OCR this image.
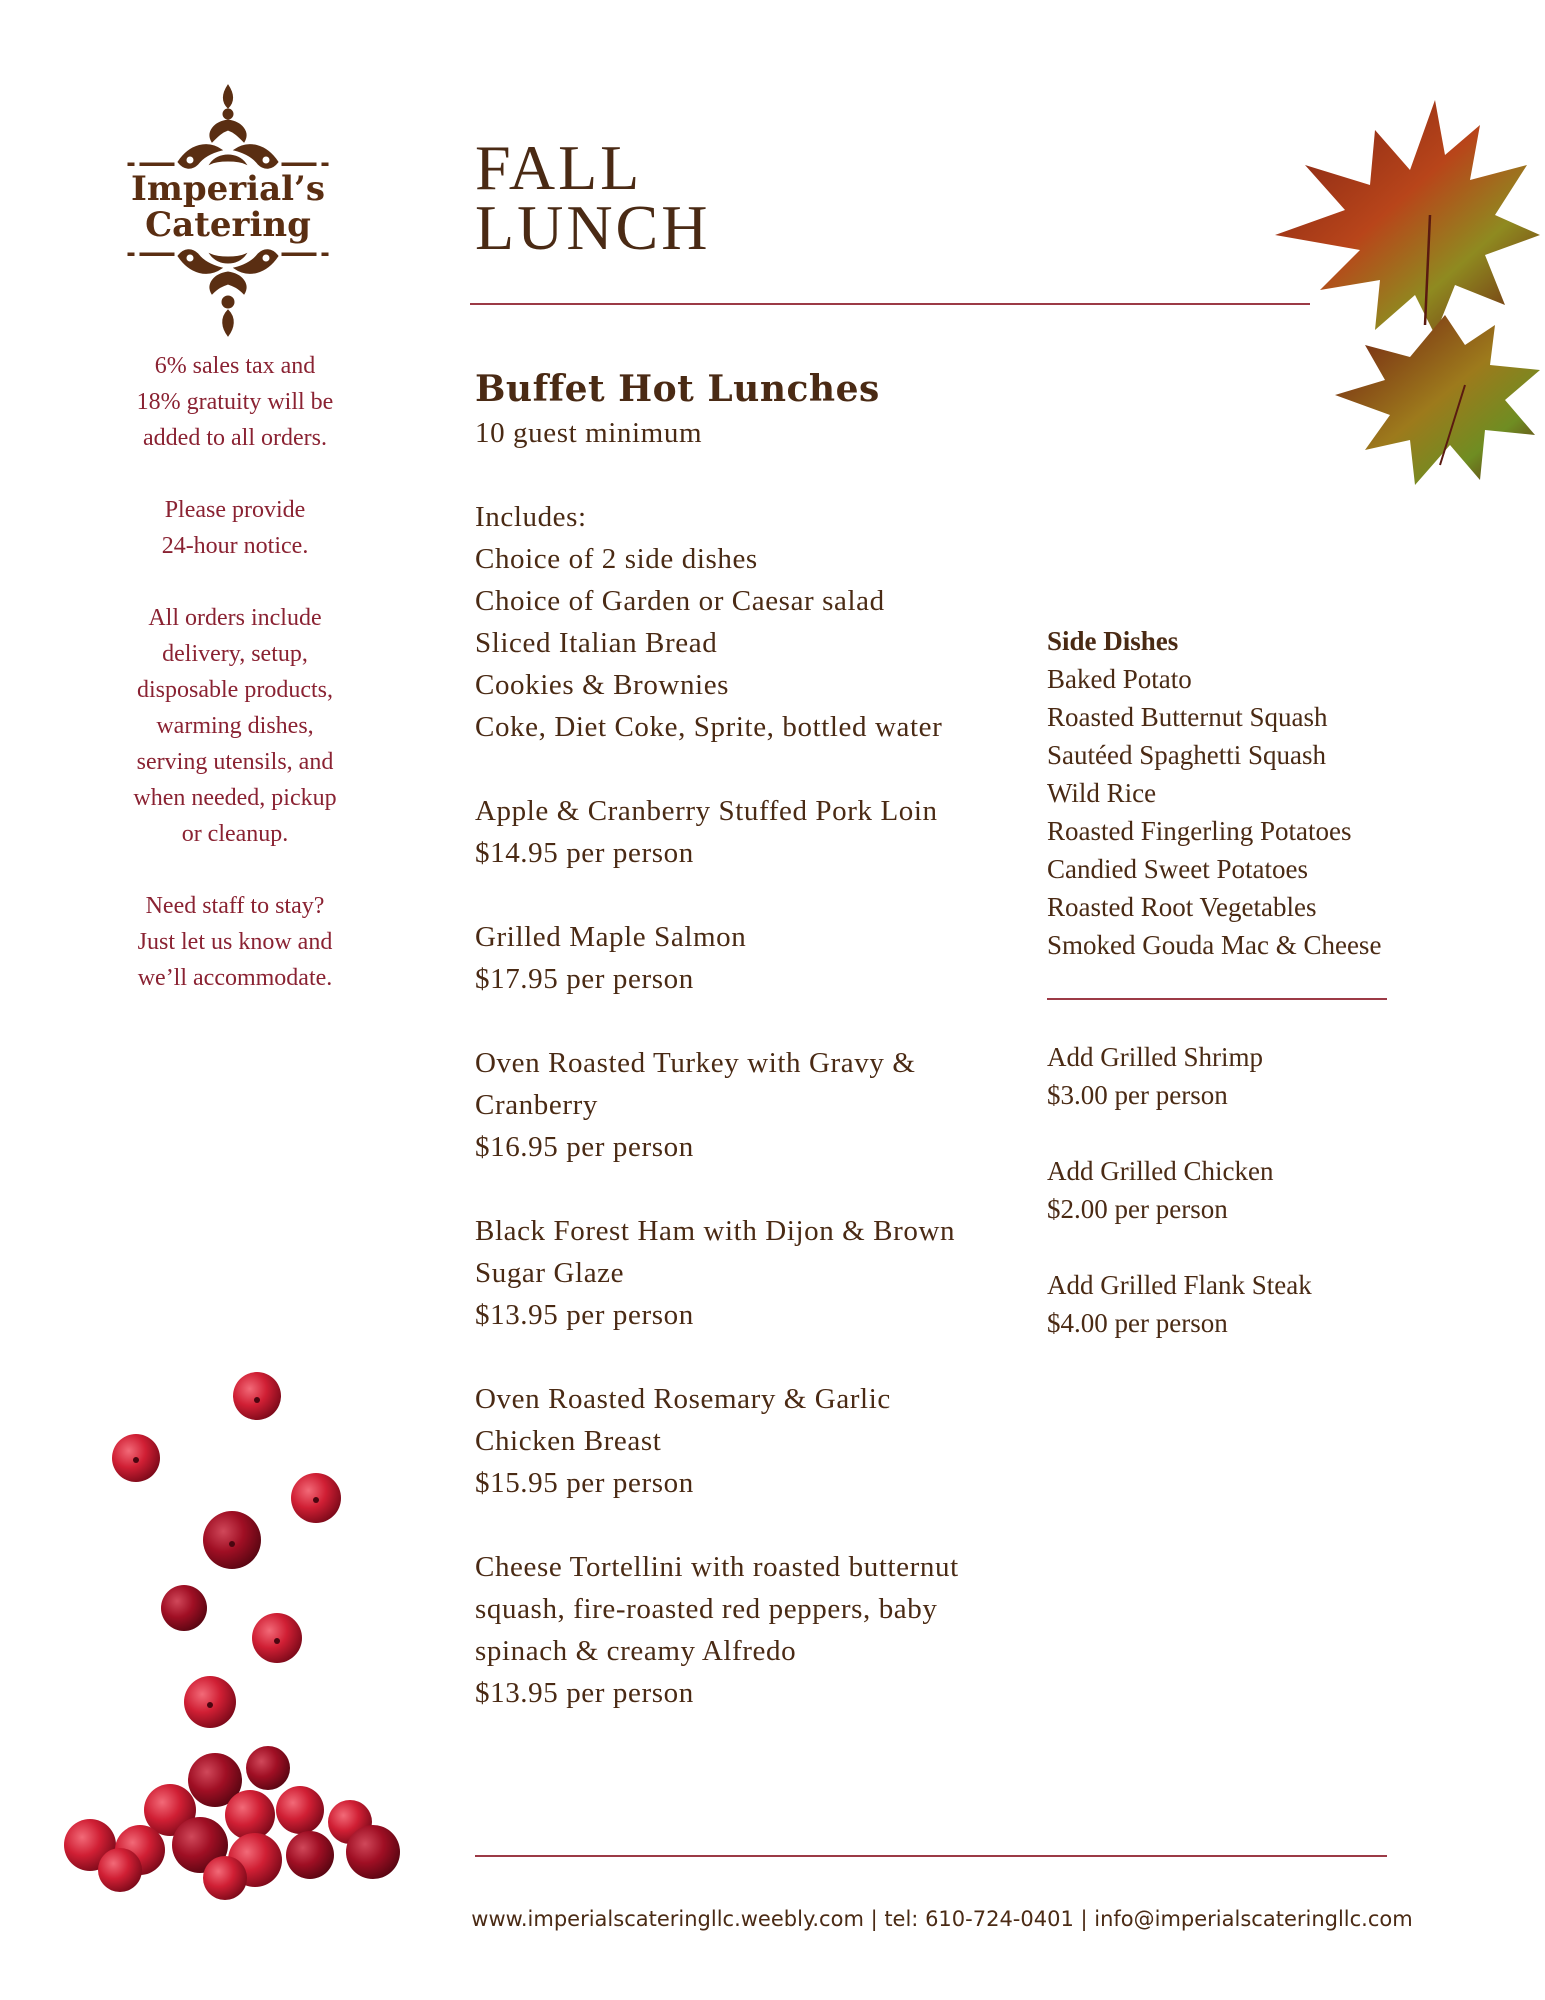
Imperial’s
Catering

6% sales tax and
18% gratuity will be
added to all orders.

Please provide
24-hour notice.

All orders include
delivery, setup,
disposable products,
warming dishes,
serving utensils, and
when needed, pickup
or cleanup.

Need staff to stay?
Just let us know and
we’ll accommodate.

FALL
LUNCH
Buffet Hot Lunches
10 guest minimum
Includes:
Choice of 2 side dishes
Choice of Garden or Caesar salad
Sliced Italian Bread
Cookies & Brownies
Coke, Diet Coke, Sprite, bottled water
Apple & Cranberry Stuffed Pork Loin
$14.95 per person
Grilled Maple Salmon
$17.95 per person
Oven Roasted Turkey with Gravy &
Cranberry
$16.95 per person
Black Forest Ham with Dijon & Brown
Sugar Glaze
$13.95 per person
Oven Roasted Rosemary & Garlic
Chicken Breast
$15.95 per person
Cheese Tortellini with roasted butternut
squash, fire-roasted red peppers, baby
spinach & creamy Alfredo
$13.95 per person
Side Dishes
Baked Potato
Roasted Butternut Squash
Sautéed Spaghetti Squash
Wild Rice
Roasted Fingerling Potatoes
Candied Sweet Potatoes
Roasted Root Vegetables
Smoked Gouda Mac & Cheese
Add Grilled Shrimp
$3.00 per person
Add Grilled Chicken
$2.00 per person
Add Grilled Flank Steak
$4.00 per person
www.imperialscateringllc.weebly.com | tel: 610-724-0401 | info@imperialscateringllc.com
